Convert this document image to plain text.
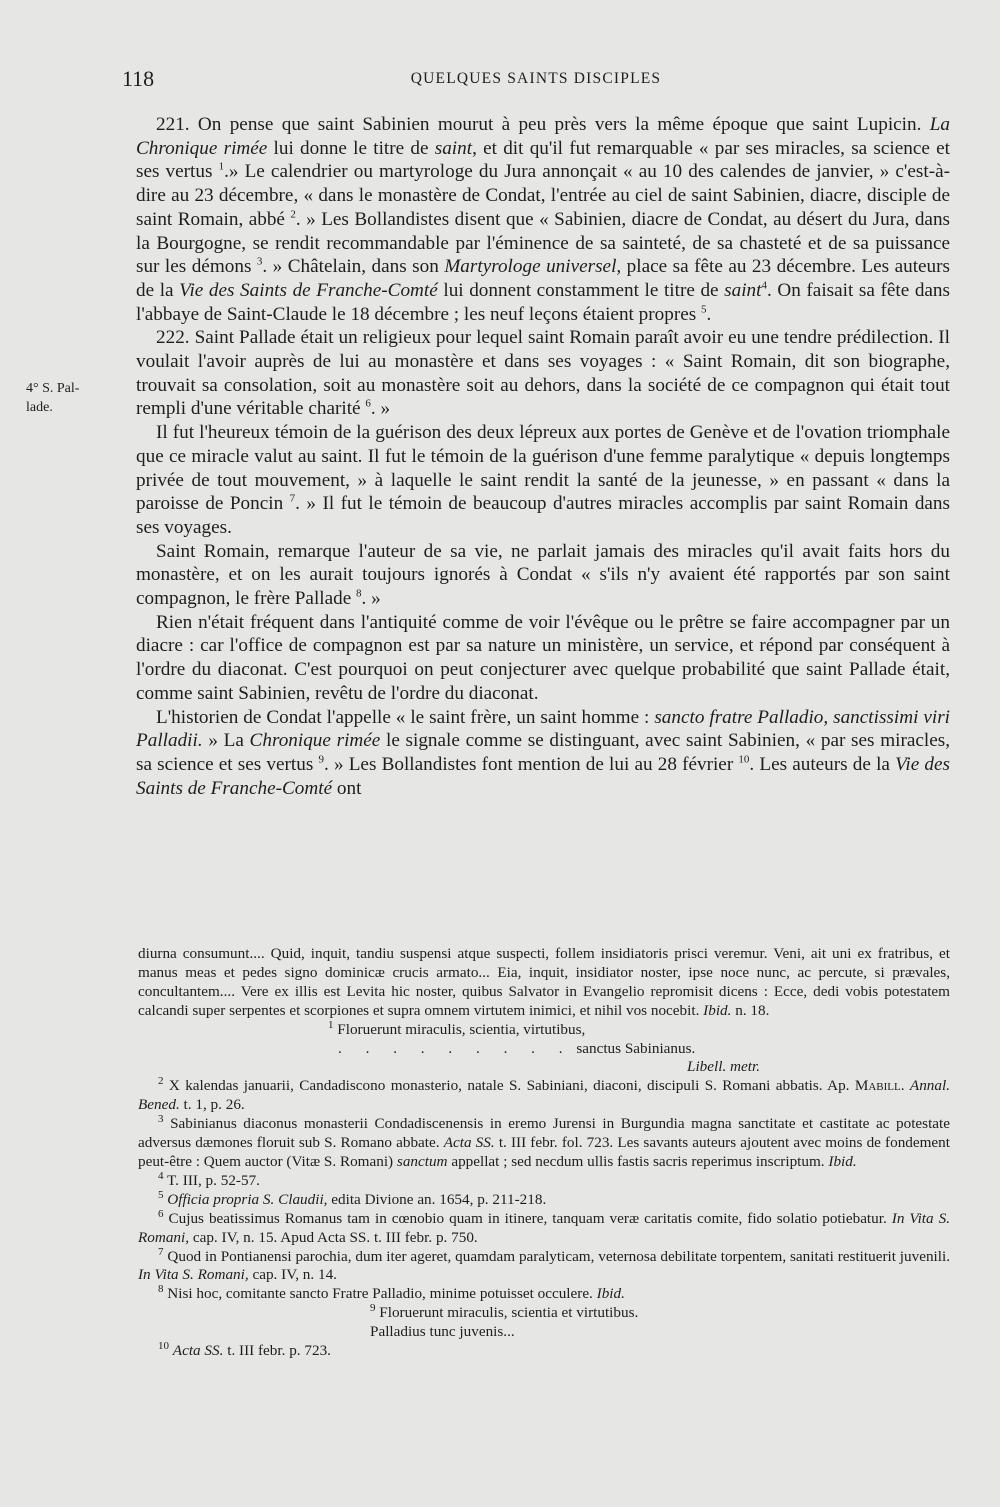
118	QUELQUES SAINTS DISCIPLES
4° S. Pal-
lade.

221. On pense que saint Sabinien mourut à peu près vers la même époque que saint Lupicin. La Chronique rimée lui donne le titre de saint, et dit qu'il fut remarquable « par ses miracles, sa science et ses vertus $^1$.» Le calendrier ou martyrologe du Jura annonçait « au 10 des calendes de janvier, » c'est-à-dire au 23 décembre, « dans le monastère de Condat, l'entrée au ciel de saint Sabinien, diacre, disciple de saint Romain, abbé $^2$. » Les Bollandistes disent que « Sabinien, diacre de Condat, au désert du Jura, dans la Bourgogne, se rendit recommandable par l'éminence de sa sainteté, de sa chasteté et de sa puissance sur les démons $^3$. » Châtelain, dans son Martyrologe universel, place sa fête au 23 décembre. Les auteurs de la Vie des Saints de Franche-Comté lui donnent constamment le titre de saint$^4$. On faisait sa fête dans l'abbaye de Saint-Claude le 18 décembre ; les neuf leçons étaient propres $^5$.

222. Saint Pallade était un religieux pour lequel saint Romain paraît avoir eu une tendre prédilection. Il voulait l'avoir auprès de lui au monastère et dans ses voyages : « Saint Romain, dit son biographe, trouvait sa consolation, soit au monastère soit au dehors, dans la société de ce compagnon qui était tout rempli d'une véritable charité $^6$. »

Il fut l'heureux témoin de la guérison des deux lépreux aux portes de Genève et de l'ovation triomphale que ce miracle valut au saint. Il fut le témoin de la guérison d'une femme paralytique « depuis longtemps privée de tout mouvement, » à laquelle le saint rendit la santé de la jeunesse, » en passant « dans la paroisse de Poncin $^7$. » Il fut le témoin de beaucoup d'autres miracles accomplis par saint Romain dans ses voyages.

Saint Romain, remarque l'auteur de sa vie, ne parlait jamais des miracles qu'il avait faits hors du monastère, et on les aurait toujours ignorés à Condat « s'ils n'y avaient été rapportés par son saint compagnon, le frère Pallade $^8$. »

Rien n'était fréquent dans l'antiquité comme de voir l'évêque ou le prêtre se faire accompagner par un diacre : car l'office de compagnon est par sa nature un ministère, un service, et répond par conséquent à l'ordre du diaconat. C'est pourquoi on peut conjecturer avec quelque probabilité que saint Pallade était, comme saint Sabinien, revêtu de l'ordre du diaconat.

L'historien de Condat l'appelle « le saint frère, un saint homme : sancto fratre Palladio, sanctissimi viri Palladii. » La Chronique rimée le signale comme se distinguant, avec saint Sabinien, « par ses miracles, sa science et ses vertus $^9$. » Les Bollandistes font mention de lui au 28 février $^{10}$. Les auteurs de la Vie des Saints de Franche-Comté ont

diurna consumunt.... Quid, inquit, tandiu suspensi atque suspecti, follem insidiatoris prisci veremur. Veni, ait uni ex fratribus, et manus meas et pedes signo dominicæ crucis armato... Eia, inquit, insidiator noster, ipse noce nunc, ac percute, si prævales, concultantem.... Vere ex illis est Levita hic noster, quibus Salvator in Evangelio repromisit dicens : Ecce, dedi vobis potestatem calcandi super serpentes et scorpiones et supra omnem virtutem inimici, et nihil vos nocebit. Ibid. n. 18.

$^1$ Floruerunt miraculis, scientia, virtutibus,
. . . . . . . . . sanctus Sabinianus.
Libell. metr.

$^2$ X kalendas januarii, Candadiscono monasterio, natale S. Sabiniani, diaconi, discipuli S. Romani abbatis. Ap. Mabill. Annal. Bened. t. 1, p. 26.

$^3$ Sabinianus diaconus monasterii Condadiscenensis in eremo Jurensi in Burgundia magna sanctitate et castitate ac potestate adversus dæmones floruit sub S. Romano abbate. Acta SS. t. III febr. fol. 723. Les savants auteurs ajoutent avec moins de fondement peut-être : Quem auctor (Vitæ S. Romani) sanctum appellat ; sed necdum ullis fastis sacris reperimus inscriptum. Ibid.

$^4$ T. III, p. 52-57.

$^5$ Officia propria S. Claudii, edita Divione an. 1654, p. 211-218.

$^6$ Cujus beatissimus Romanus tam in cœnobio quam in itinere, tanquam veræ caritatis comite, fido solatio potiebatur. In Vita S. Romani, cap. IV, n. 15. Apud Acta SS. t. III febr. p. 750.

$^7$ Quod in Pontianensi parochia, dum iter ageret, quamdam paralyticam, veternosa debilitate torpentem, sanitati restituerit juvenili. In Vita S. Romani, cap. IV, n. 14.

$^8$ Nisi hoc, comitante sancto Fratre Palladio, minime potuisset occulere. Ibid.

$^9$ Floruerunt miraculis, scientia et virtutibus.
Palladius tunc juvenis...

$^{10}$ Acta SS. t. III febr. p. 723.
